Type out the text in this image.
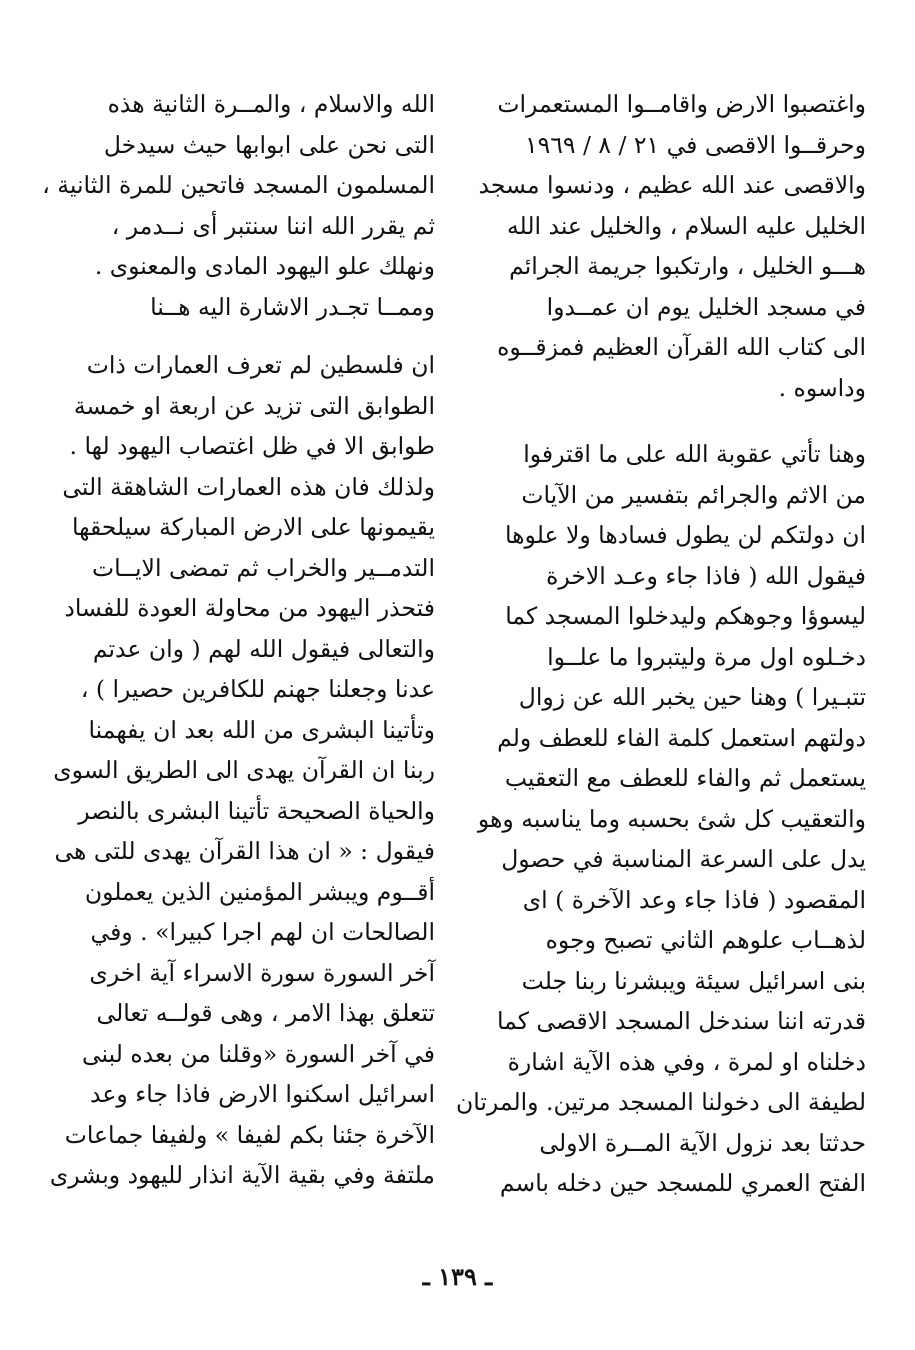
واغتصبوا الارض واقامــوا المستعمرات
وحرقــوا الاقصى في ٢١ / ٨ / ١٩٦٩
والاقصى عند الله عظيم ، ودنسوا مسجد
الخليل عليه السلام ، والخليل عند الله
هـــو الخليل ، وارتكبوا جريمة الجرائم
في مسجد الخليل يوم ان عمــدوا
الى كتاب الله القرآن العظيم فمزقــوه
وداسوه .
وهنا تأتي عقوبة الله على ما اقترفوا
من الاثم والجرائم بتفسير من الآيات
ان دولتكم لن يطول فسادها ولا علوها
فيقول الله ( فاذا جاء وعـد الاخرة
ليسوؤا وجوهكم وليدخلوا المسجد كما
دخـلوه اول مرة وليتبروا ما علــوا
تتبـيرا ) وهنا حين يخبر الله عن زوال
دولتهم استعمل كلمة الفاء للعطف ولم
يستعمل ثم والفاء للعطف مع التعقيب
والتعقيب كل شئ بحسبه وما يناسبه وهو
يدل على السرعة المناسبة في حصول
المقصود ( فاذا جاء وعد الآخرة ) اى
لذهــاب علوهم الثاني تصبح وجوه
بنى اسرائيل سيئة ويبشرنا ربنا جلت
قدرته اننا سندخل المسجد الاقصى كما
دخلناه او لمرة ، وفي هذه الآية اشارة
لطيفة الى دخولنا المسجد مرتين. والمرتان
حدثتا بعد نزول الآية المــرة الاولى
الفتح العمري للمسجد حين دخله باسم
الله والاسلام ، والمــرة الثانية هذه
التى نحن على ابوابها حيث سيدخل
المسلمون المسجد فاتحين للمرة الثانية ،
ثم يقرر الله اننا سنتبر أى نــدمر ،
ونهلك علو اليهود المادى والمعنوى .
وممــا تجـدر الاشارة اليه هــنا
ان فلسطين لم تعرف العمارات ذات
الطوابق التى تزيد عن اربعة او خمسة
طوابق الا في ظل اغتصاب اليهود لها .
ولذلك فان هذه العمارات الشاهقة التى
يقيمونها على الارض المباركة سيلحقها
التدمــير والخراب ثم تمضى الايــات
فتحذر اليهود من محاولة العودة للفساد
والتعالى فيقول الله لهم ( وان عدتم
عدنا وجعلنا جهنم للكافرين حصيرا ) ،
وتأتينا البشرى من الله بعد ان يفهمنا
ربنا ان القرآن يهدى الى الطريق السوى
والحياة الصحيحة تأتينا البشرى بالنصر
فيقول : « ان هذا القرآن يهدى للتى هى
أقــوم ويبشر المؤمنين الذين يعملون
الصالحات ان لهم اجرا كبيرا» . وفي
آخر السورة سورة الاسراء آية اخرى
تتعلق بهذا الامر ، وهى قولــه تعالى
في آخر السورة «وقلنا من بعده لبنى
اسرائيل اسكنوا الارض فاذا جاء وعد
الآخرة جئنا بكم لفيفا » ولفيفا جماعات
ملتفة وفي بقية الآية انذار لليهود وبشرى
ـ ١٣٩ ـ
